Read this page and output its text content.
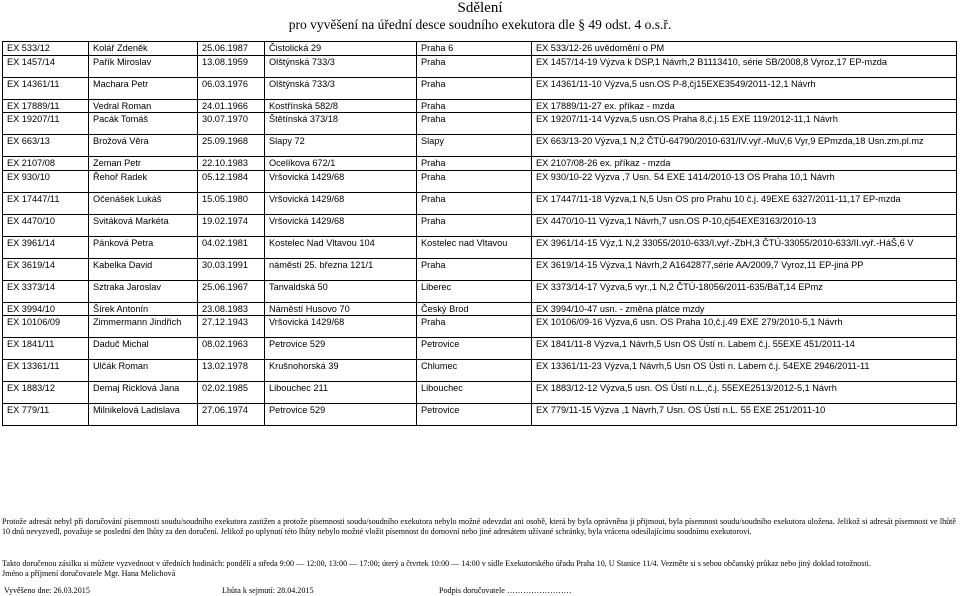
Sdělení
pro vyvěšení na úřední desce soudního exekutora dle § 49 odst. 4 o.s.ř.
EX 533/12	Kolář Zdeněk	25.06.1987	Čistolická 29	Praha 6	EX 533/12-26 uvědomění o PM
EX 1457/14	Pařík Miroslav	13.08.1959	Olštýnská 733/3	Praha	EX 1457/14-19 Výzva k DSP,1 Návrh,2 B1113410, série SB/2008,8 Vyroz,17 EP-mzda
EX 14361/11	Machara Petr	06.03.1976	Olštýnská 733/3	Praha	EX 14361/11-10 Výzva,5 usn.OS P-8,čj15EXE3549/2011-12,1 Návrh
EX 17889/11	Vedral Roman	24.01.1966	Kostřínská 582/8	Praha	EX 17889/11-27 ex. příkaz - mzda
EX 19207/11	Pacák Tomáš	30.07.1970	Štětínská 373/18	Praha	EX 19207/11-14 Výzva,5 usn.OS Praha 8,č.j.15 EXE 119/2012-11,1 Návrh
EX 663/13	Brožová Věra	25.09.1968	Slapy 72	Slapy	EX 663/13-20 Výzva,1 N,2 ČTÚ-64790/2010-631/IV.vyř.-MuV,6 Vyr,9 EPmzda,18 Usn.zm.pl.mz
EX 2107/08	Zeman Petr	22.10.1983	Ocelíkova 672/1	Praha	EX 2107/08-26 ex. příkaz - mzda
EX 930/10	Řehoř Radek	05.12.1984	Vršovická 1429/68	Praha	EX 930/10-22 Výzva ,7 Usn. 54 EXE 1414/2010-13 OS Praha 10,1 Návrh
EX 17447/11	Očenášek Lukáš	15.05.1980	Vršovická 1429/68	Praha	EX 17447/11-18 Výzva,1 N,5 Usn OS pro Prahu 10 č.j. 49EXE 6327/2011-11,17 EP-mzda
EX 4470/10	Svitáková Markéta	19.02.1974	Vršovická 1429/68	Praha	EX 4470/10-11 Výzva,1 Návrh,7 usn.OS P-10,čj54EXE3163/2010-13
EX 3961/14	Pánková Petra	04.02.1981	Kostelec Nad Vltavou 104	Kostelec nad Vltavou	EX 3961/14-15 Výz,1 N,2 33055/2010-633/I.vyř.-ZbH,3 ČTÚ-33055/2010-633/II.vyř.-HáŠ,6 V
EX 3619/14	Kabelka David	30.03.1991	náměstí 25. března 121/1	Praha	EX 3619/14-15 Výzva,1 Návrh,2 A1642877,série AA/2009,7 Vyroz,11 EP-jiná PP
EX 3373/14	Sztraka Jaroslav	25.06.1967	Tanvaldská 50	Liberec	EX 3373/14-17 Výzva,5 vyr.,1 N,2 ČTÚ-18056/2011-635/BáT,14 EPmz
EX 3994/10	Šírek Antonín	23.08.1983	Náměstí Husovo 70	Český Brod	EX 3994/10-47 usn. - změna plátce mzdy
EX 10106/09	Zimmermann Jindřich	27.12.1943	Vršovická 1429/68	Praha	EX 10106/09-16 Výzva,6 usn. OS Praha 10,č.j.49 EXE 279/2010-5,1 Návrh
EX 1841/11	Daduč Michal	08.02.1963	Petrovice 529	Petrovice	EX 1841/11-8 Výzva,1 Návrh,5 Usn OS Ústí n. Labem č.j. 55EXE 451/2011-14
EX 13361/11	Ulčák Roman	13.02.1978	Krušnohorská 39	Chlumec	EX 13361/11-23 Výzva,1 Návrh,5 Usn OS Ústí n. Labem č.j. 54EXE 2946/2011-11
EX 1883/12	Demaj Ricklová Jana	02.02.1985	Libouchec 211	Libouchec	EX 1883/12-12 Výzva,5 usn. OS Ústí n.L.,č.j. 55EXE2513/2012-5,1 Návrh
EX 779/11	Milnikelová Ladislava	27.06.1974	Petrovice 529	Petrovice	EX 779/11-15 Výzva ,1 Návrh,7 Usn. OS Ústí n.L. 55 EXE 251/2011-10
Protože adresát nebyl při doručování písemnosti soudu/soudního exekutora zastižen a protože písemnosti soudu/soudního exekutora nebylo možné odevzdat ani osobě, která by byla oprávněna ji přijmout, byla písemnost soudu/soudního exekutora uložena. Jelikož si adresát písemnost ve lhůtě 10 dnů nevyzvedl, považuje se poslední den lhůty za den doručení. Jelikož po uplynutí této lhůty nebylo možné vložit písemnost do domovní nebo jiné adresátem užívané schránky, byla vrácena odesílajícímu soudnímu exekutorovi.
Takto doručenou zásilku si můžete vyzvednout v úředních hodinách: pondělí a středa 9:00 — 12:00, 13:00 — 17:00; úterý a čtvrtek 10:00 — 14:00 v sídle Exekutorského úřadu Praha 10, U Stanice 11/4. Vezměte si s sebou občanský průkaz nebo jiný doklad totožnosti.
Jméno a příjmení doručovatele Mgr. Hana Melichová
Vyvěšeno dne: 26.03.2015	Lhůta k sejmutí: 28.04.2015	Podpis doručovatele ……………………
